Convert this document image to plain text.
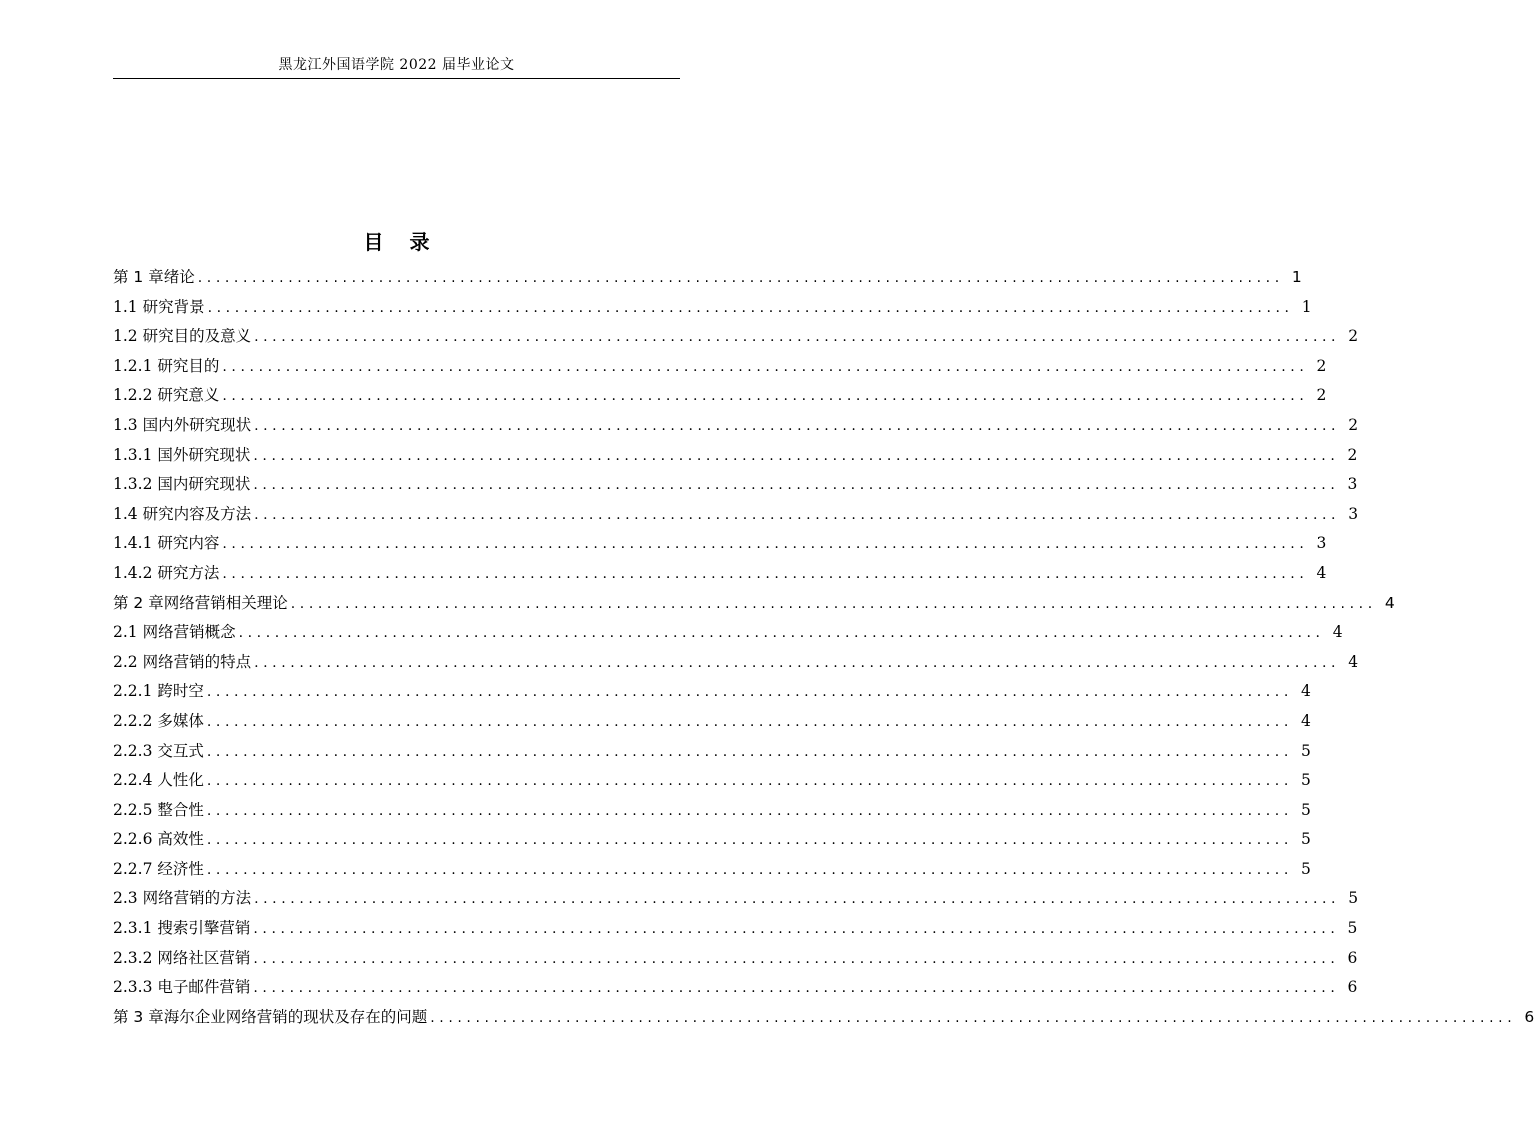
黑龙江外国语学院 2022 届毕业论文
目 录
第 1 章绪论 ........................................................................................................................ 1
1.1 研究背景 ........................................................................................................................ 1
1.2 研究目的及意义 ........................................................................................................................ 2
1.2.1 研究目的 ........................................................................................................................ 2
1.2.2 研究意义 ........................................................................................................................ 2
1.3 国内外研究现状 ........................................................................................................................ 2
1.3.1 国外研究现状 ........................................................................................................................ 2
1.3.2 国内研究现状 ........................................................................................................................ 3
1.4 研究内容及方法 ........................................................................................................................ 3
1.4.1 研究内容 ........................................................................................................................ 3
1.4.2 研究方法 ........................................................................................................................ 4
第 2 章网络营销相关理论 ........................................................................................................................ 4
2.1 网络营销概念 ........................................................................................................................ 4
2.2 网络营销的特点 ........................................................................................................................ 4
2.2.1 跨时空 ........................................................................................................................ 4
2.2.2 多媒体 ........................................................................................................................ 4
2.2.3 交互式 ........................................................................................................................ 5
2.2.4 人性化 ........................................................................................................................ 5
2.2.5 整合性 ........................................................................................................................ 5
2.2.6 高效性 ........................................................................................................................ 5
2.2.7 经济性 ........................................................................................................................ 5
2.3 网络营销的方法 ........................................................................................................................ 5
2.3.1 搜索引擎营销 ........................................................................................................................ 5
2.3.2 网络社区营销 ........................................................................................................................ 6
2.3.3 电子邮件营销 ........................................................................................................................ 6
第 3 章海尔企业网络营销的现状及存在的问题 ........................................................................................................................ 6
